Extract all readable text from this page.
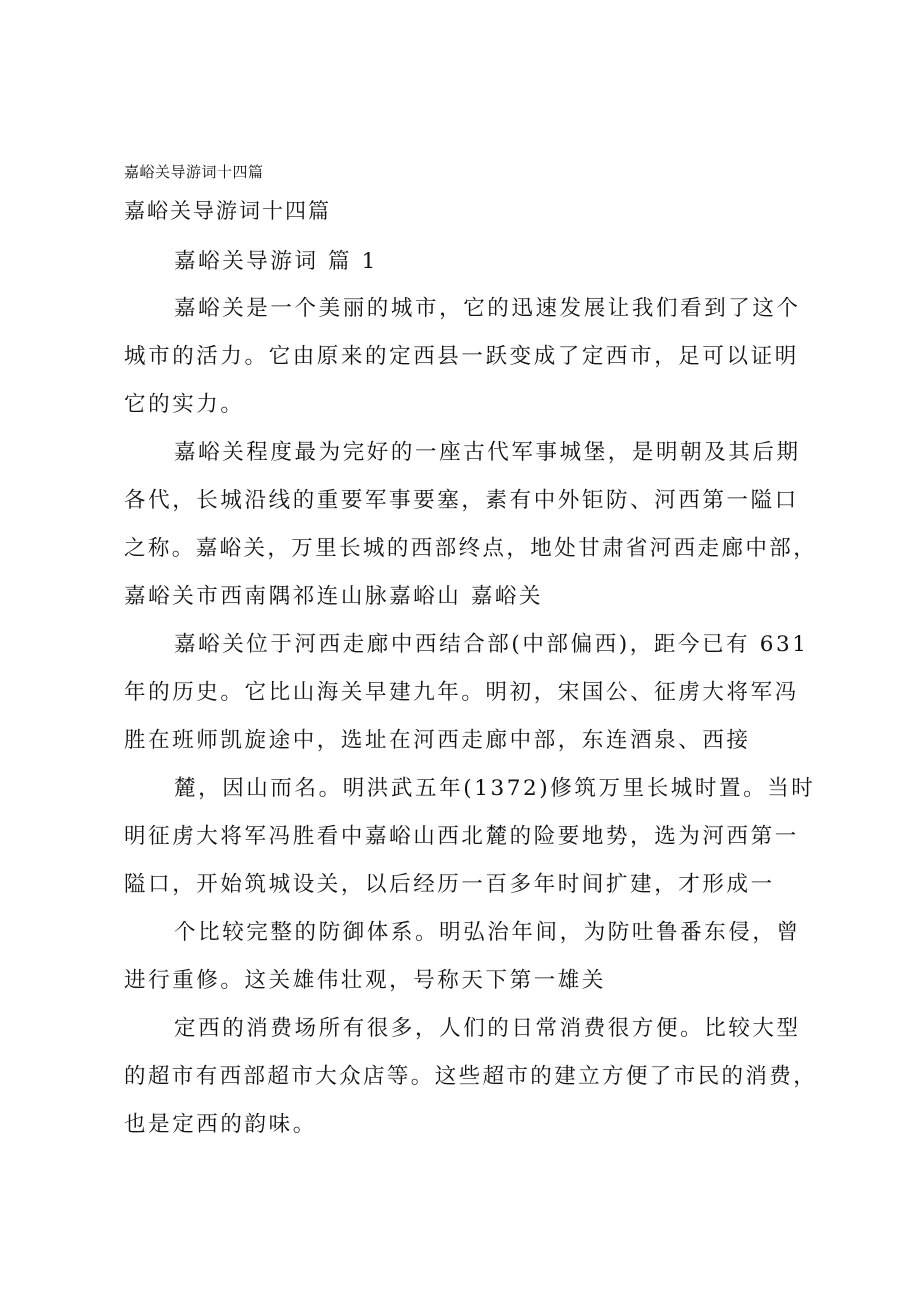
嘉峪关导游词十四篇
嘉峪关导游词十四篇
嘉峪关导游词 篇 1
嘉峪关是一个美丽的城市，它的迅速发展让我们看到了这个
城市的活力。它由原来的定西县一跃变成了定西市，足可以证明
它的实力。
嘉峪关程度最为完好的一座古代军事城堡，是明朝及其后期
各代，长城沿线的重要军事要塞，素有中外钜防、河西第一隘口
之称。嘉峪关，万里长城的西部终点，地处甘肃省河西走廊中部，
嘉峪关市西南隅祁连山脉嘉峪山 嘉峪关
嘉峪关位于河西走廊中西结合部(中部偏西)，距今已有 631
年的历史。它比山海关早建九年。明初，宋国公、征虏大将军冯
胜在班师凯旋途中，选址在河西走廊中部，东连酒泉、西接
麓，因山而名。明洪武五年(1372)修筑万里长城时置。当时
明征虏大将军冯胜看中嘉峪山西北麓的险要地势，选为河西第一
隘口，开始筑城设关，以后经历一百多年时间扩建，才形成一
个比较完整的防御体系。明弘治年间，为防吐鲁番东侵，曾
进行重修。这关雄伟壮观，号称天下第一雄关
定西的消费场所有很多，人们的日常消费很方便。比较大型
的超市有西部超市大众店等。这些超市的建立方便了市民的消费，
也是定西的韵味。
